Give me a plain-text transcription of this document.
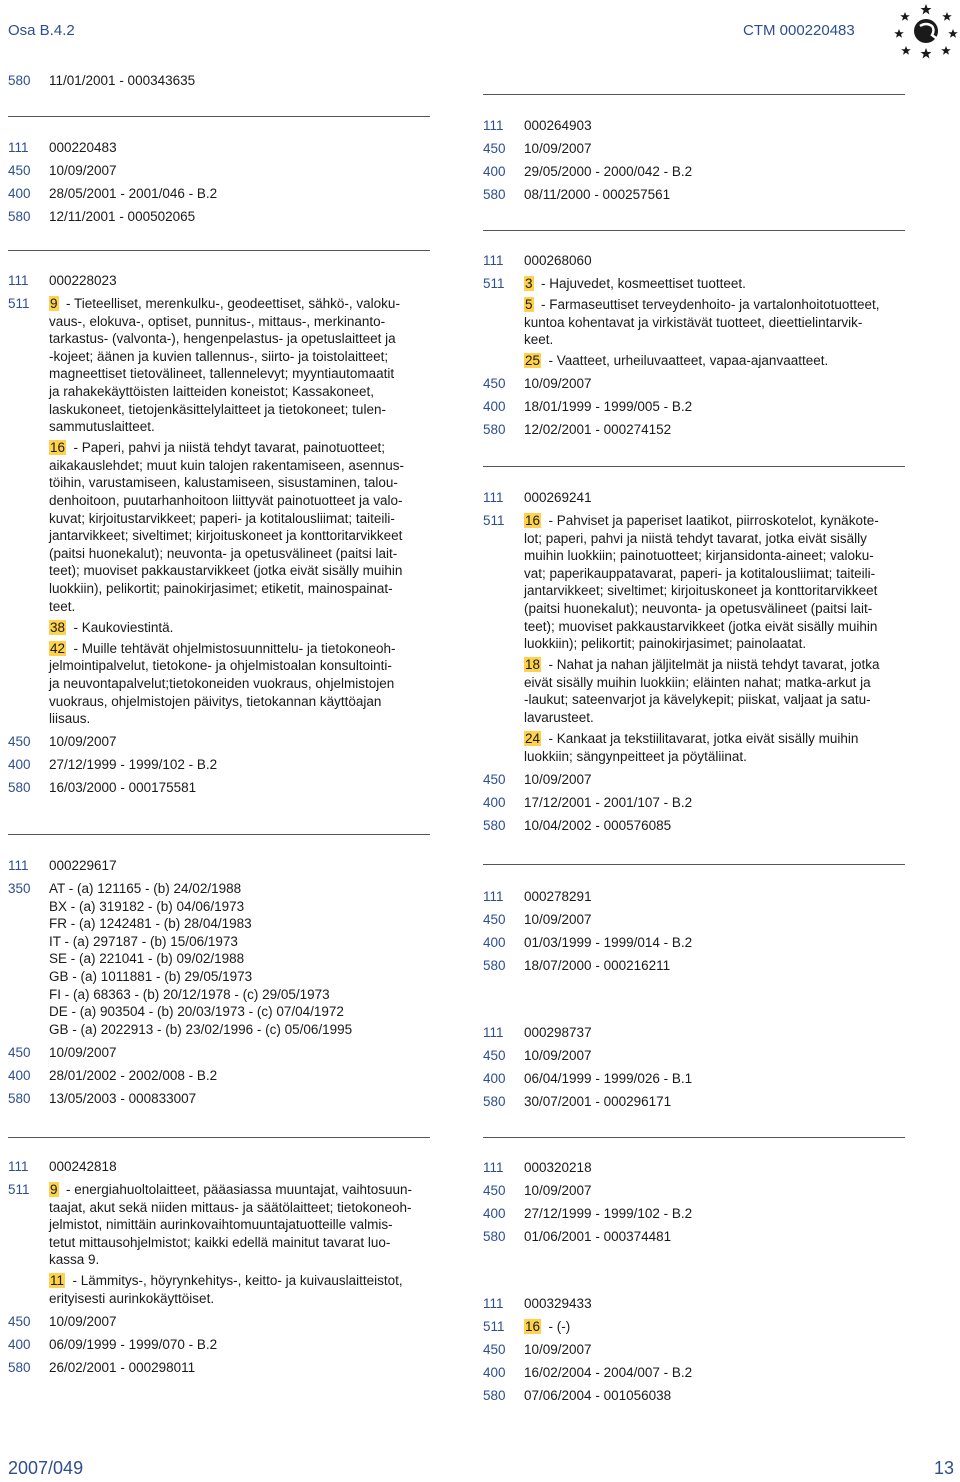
Osa B.4.2	CTM 000220483
580 11/01/2001 - 000343635
111 000220483
450 10/09/2007
400 28/05/2001 - 2001/046 - B.2
580 12/11/2001 - 000502065
111 000228023
511 9 - Tieteelliset, merenkulku-, geodeettiset, sähkö-, valoku-
vaus-, elokuva-, optiset, punnitus-, mittaus-, merkinanto-
tarkastus- (valvonta-), hengenpelastus- ja opetuslaitteet ja
-kojeet; äänen ja kuvien tallennus-, siirto- ja toistolaitteet;
magneettiset tietovälineet, tallennelevyt; myyntiautomaatit
ja rahakekäyttöisten laitteiden koneistot; Kassakoneet,
laskukoneet, tietojenkäsittelylaitteet ja tietokoneet; tulen-
sammutuslaitteet.
16 - Paperi, pahvi ja niistä tehdyt tavarat, painotuotteet;
aikakauslehdet; muut kuin talojen rakentamiseen, asennus-
töihin, varustamiseen, kalustamiseen, sisustaminen, talou-
denhoitoon, puutarhanhoitoon liittyvät painotuotteet ja valo-
kuvat; kirjoitustarvikkeet; paperi- ja kotitalousliimat; taiteili-
jantarvikkeet; siveltimet; kirjoituskoneet ja konttoritarvikkeet
(paitsi huonekalut); neuvonta- ja opetusvälineet (paitsi lait-
teet); muoviset pakkaustarvikkeet (jotka eivät sisälly muihin
luokkiin), pelikortit; painokirjasimet; etiketit, mainospainat-
teet.
38 - Kaukoviestintä.
42 - Muille tehtävät ohjelmistosuunnittelu- ja tietokoneoh-
jelmointipalvelut, tietokone- ja ohjelmistoalan konsultointi-
ja neuvontapalvelut;tietokoneiden vuokraus, ohjelmistojen
vuokraus, ohjelmistojen päivitys, tietokannan käyttöajan
liisaus.
450 10/09/2007
400 27/12/1999 - 1999/102 - B.2
580 16/03/2000 - 000175581
111 000229617
350 AT - (a) 121165 - (b) 24/02/1988
BX - (a) 319182 - (b) 04/06/1973
FR - (a) 1242481 - (b) 28/04/1983
IT - (a) 297187 - (b) 15/06/1973
SE - (a) 221041 - (b) 09/02/1988
GB - (a) 1011881 - (b) 29/05/1973
FI - (a) 68363 - (b) 20/12/1978 - (c) 29/05/1973
DE - (a) 903504 - (b) 20/03/1973 - (c) 07/04/1972
GB - (a) 2022913 - (b) 23/02/1996 - (c) 05/06/1995
450 10/09/2007
400 28/01/2002 - 2002/008 - B.2
580 13/05/2003 - 000833007
111 000242818
511 9 - energiahuoltolaitteet, pääasiassa muuntajat, vaihtosuun-
taajat, akut sekä niiden mittaus- ja säätölaitteet; tietokoneoh-
jelmistot, nimittäin aurinkovaihtomuuntajatuotteille valmis-
tetut mittausohjelmistot; kaikki edellä mainitut tavarat luo-
kassa 9.
11 - Lämmitys-, höyrynkehitys-, keitto- ja kuivauslaitteistot,
erityisesti aurinkokäyttöiset.
450 10/09/2007
400 06/09/1999 - 1999/070 - B.2
580 26/02/2001 - 000298011
111 000264903
450 10/09/2007
400 29/05/2000 - 2000/042 - B.2
580 08/11/2000 - 000257561
111 000268060
511 3 - Hajuvedet, kosmeettiset tuotteet.
5 - Farmaseuttiset terveydenhoito- ja vartalonhoitotuotteet,
kuntoa kohentavat ja virkistävät tuotteet, dieettielintarvik-
keet.
25 - Vaatteet, urheiluvaatteet, vapaa-ajanvaatteet.
450 10/09/2007
400 18/01/1999 - 1999/005 - B.2
580 12/02/2001 - 000274152
111 000269241
511 16 - Pahviset ja paperiset laatikot, piirroskotelot, kynäkote-
lot; paperi, pahvi ja niistä tehdyt tavarat, jotka eivät sisälly
muihin luokkiin; painotuotteet; kirjansidonta-aineet; valoku-
vat; paperikauppatavarat, paperi- ja kotitalousliimat; taiteili-
jantarvikkeet; siveltimet; kirjoituskoneet ja konttoritarvikkeet
(paitsi huonekalut); neuvonta- ja opetusvälineet (paitsi lait-
teet); muoviset pakkaustarvikkeet (jotka eivät sisälly muihin
luokkiin); pelikortit; painokirjasimet; painolaatat.
18 - Nahat ja nahan jäljitelmät ja niistä tehdyt tavarat, jotka
eivät sisälly muihin luokkiin; eläinten nahat; matka-arkut ja
-laukut; sateenvarjot ja kävelykepit; piiskat, valjaat ja satu-
lavarusteet.
24 - Kankaat ja tekstiilitavarat, jotka eivät sisälly muihin
luokkiin; sängynpeitteet ja pöytäliinat.
450 10/09/2007
400 17/12/2001 - 2001/107 - B.2
580 10/04/2002 - 000576085
111 000278291
450 10/09/2007
400 01/03/1999 - 1999/014 - B.2
580 18/07/2000 - 000216211
111 000298737
450 10/09/2007
400 06/04/1999 - 1999/026 - B.1
580 30/07/2001 - 000296171
111 000320218
450 10/09/2007
400 27/12/1999 - 1999/102 - B.2
580 01/06/2001 - 000374481
111 000329433
511 16 - (-)
450 10/09/2007
400 16/02/2004 - 2004/007 - B.2
580 07/06/2004 - 001056038
2007/049	13
